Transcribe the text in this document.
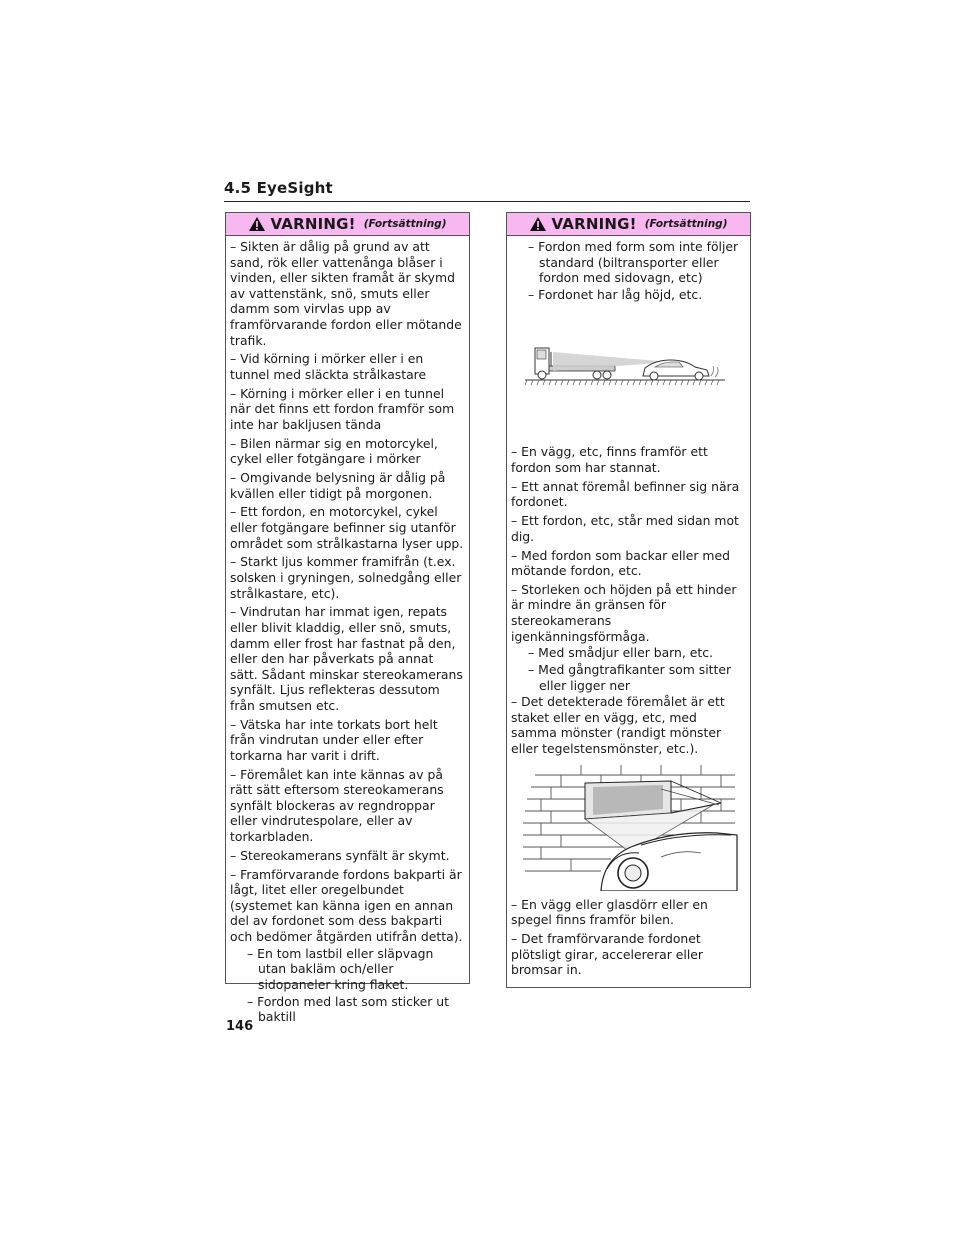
4.5 EyeSight
VARNING! (Fortsättning)

– Sikten är dålig på grund av att sand, rök eller vattenånga blåser i vinden, eller sikten framåt är skymd av vattenstänk, snö, smuts eller damm som virvlas upp av framförvarande fordon eller mötande trafik.

– Vid körning i mörker eller i en tunnel med släckta strålkastare

– Körning i mörker eller i en tunnel när det finns ett fordon framför som inte har bakljusen tända

– Bilen närmar sig en motorcykel, cykel eller fotgängare i mörker

– Omgivande belysning är dålig på kvällen eller tidigt på morgonen.

– Ett fordon, en motorcykel, cykel eller fotgängare befinner sig utanför området som strålkastarna lyser upp.

– Starkt ljus kommer framifrån (t.ex. solsken i gryningen, solnedgång eller strålkastare, etc).

– Vindrutan har immat igen, repats eller blivit kladdig, eller snö, smuts, damm eller frost har fastnat på den, eller den har påverkats på annat sätt. Sådant minskar stereokamerans synfält. Ljus reflekteras dessutom från smutsen etc.

– Vätska har inte torkats bort helt från vindrutan under eller efter torkarna har varit i drift.

– Föremålet kan inte kännas av på rätt sätt eftersom stereokamerans synfält blockeras av regndroppar eller vindrutespolare, eller av torkarbladen.

– Stereokamerans synfält är skymt.

– Framförvarande fordons bakparti är lågt, litet eller oregelbundet (systemet kan känna igen en annan del av fordonet som dess bakparti och bedömer åtgärden utifrån detta).

– En tom lastbil eller släpvagn utan bakläm och/eller sidopaneler kring flaket.

– Fordon med last som sticker ut baktill

VARNING! (Fortsättning)

– Fordon med form som inte följer standard (biltransporter eller fordon med sidovagn, etc)

– Fordonet har låg höjd, etc.

– En vägg, etc, finns framför ett fordon som har stannat.

– Ett annat föremål befinner sig nära fordonet.

– Ett fordon, etc, står med sidan mot dig.

– Med fordon som backar eller med mötande fordon, etc.

– Storleken och höjden på ett hinder är mindre än gränsen för stereokamerans igenkänningsförmåga.

– Med smådjur eller barn, etc.

– Med gångtrafikanter som sitter eller ligger ner

– Det detekterade föremålet är ett staket eller en vägg, etc, med samma mönster (randigt mönster eller tegelstensmönster, etc.).

– En vägg eller glasdörr eller en spegel finns framför bilen.

– Det framförvarande fordonet plötsligt girar, accelererar eller bromsar in.

146
